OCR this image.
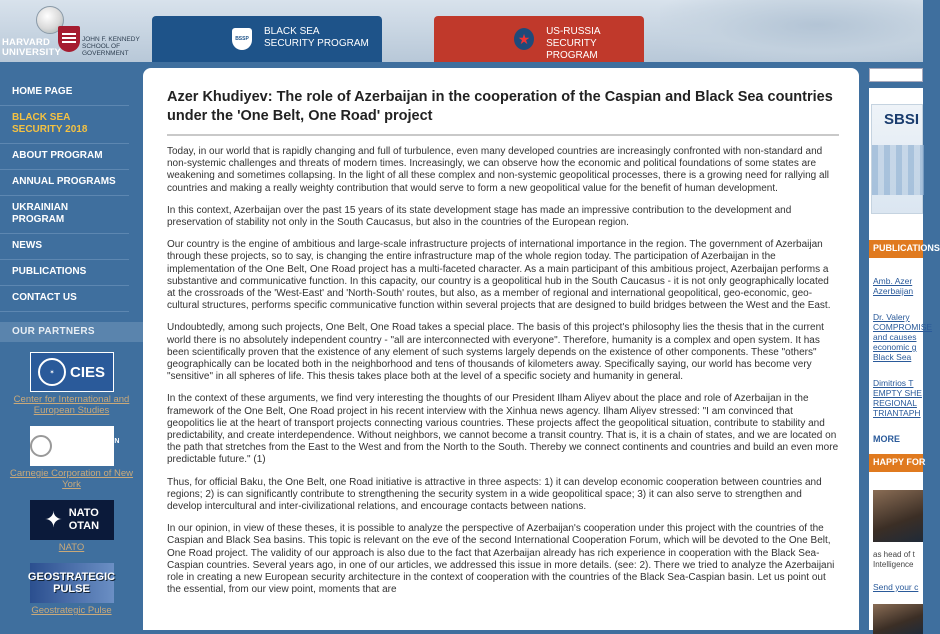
HARVARD
UNIVERSITY
JOHN F. KENNEDY
SCHOOL OF
GOVERNMENT
BSSP
BLACK SEA
SECURITY PROGRAM	★ US-RUSSIA SECURITY
PROGRAM
HOME PAGE
BLACK SEA SECURITY 2018
ABOUT PROGRAM
ANNUAL PROGRAMS
UKRAINIAN PROGRAM
NEWS
PUBLICATIONS
CONTACT US
OUR PARTNERS
✶	CIES
Center for International and European Studies
CARNEGIE CORPORATION of NEW YORK
Carnegie Corporation of New York
✦ NATO OTAN
NATO
GEOSTRATEGIC PULSE
Geostrategic Pulse
Azer Khudiyev: The role of Azerbaijan in the cooperation of the Caspian and Black Sea countries under the 'One Belt, One Road' project

Today, in our world that is rapidly changing and full of turbulence, even many developed countries are increasingly confronted with non-standard and non-systemic challenges and threats of modern times. Increasingly, we can observe how the economic and political foundations of some states are weakening and sometimes collapsing. In the light of all these complex and non-systemic geopolitical processes, there is a growing need for rallying all countries and making a really weighty contribution that would serve to form a new geopolitical value for the benefit of human development.

In this context, Azerbaijan over the past 15 years of its state development stage has made an impressive contribution to the development and preservation of stability not only in the South Caucasus, but also in the countries of the European region.

Our country is the engine of ambitious and large-scale infrastructure projects of international importance in the region. The government of Azerbaijan through these projects, so to say, is changing the entire infrastructure map of the whole region today. The participation of Azerbaijan in the implementation of the One Belt, One Road project has a multi-faceted character. As a main participant of this ambitious project, Azerbaijan performs a substantive and communicative function. In this capacity, our country is a geopolitical hub in the South Caucasus - it is not only geographically located at the crossroads of the 'West-East' and 'North-South' routes, but also, as a member of regional and international geopolitical, geo-economic, geo-cultural structures, performs specific communicative function within several projects that are designed to build bridges between the West and the East.

Undoubtedly, among such projects, One Belt, One Road takes a special place. The basis of this project's philosophy lies the thesis that in the current world there is no absolutely independent country - "all are interconnected with everyone". Therefore, humanity is a complex and open system. It has been scientifically proven that the existence of any element of such systems largely depends on the existence of other components. These "others" geographically can be located both in the neighborhood and tens of thousands of kilometers away. Specifically saying, our world has become very "sensitive" in all spheres of life. This thesis takes place both at the level of a specific society and humanity in general.

In the context of these arguments, we find very interesting the thoughts of our President Ilham Aliyev about the place and role of Azerbaijan in the framework of the One Belt, One Road project in his recent interview with the Xinhua news agency. Ilham Aliyev stressed: "I am convinced that geopolitics lie at the heart of transport projects connecting various countries. These projects affect the geopolitical situation, contribute to stability and predictability, and create interdependence. Without neighbors, we cannot become a transit country. That is, it is a chain of states, and we are located on the path that stretches from the East to the West and from the North to the South. Thereby we connect continents and countries and build an even more predictable future." (1)

Thus, for official Baku, the One Belt, one Road initiative is attractive in three aspects: 1) it can develop economic cooperation between countries and regions; 2) is can significantly contribute to strengthening the security system in a wide geopolitical space; 3) it can also serve to strengthen and develop intercultural and inter-civilizational relations, and encourage contacts between nations.

In our opinion, in view of these theses, it is possible to analyze the perspective of Azerbaijan's cooperation under this project with the countries of the Caspian and Black Sea basins. This topic is relevant on the eve of the second International Cooperation Forum, which will be devoted to the One Belt, One Road project. The validity of our approach is also due to the fact that Azerbaijan already has rich experience in cooperation with the Black Sea-Caspian countries. Several years ago, in one of our articles, we addressed this issue in more details. (see: 2). There we tried to analyze the Azerbaijani role in creating a new European security architecture in the context of cooperation with the countries of the Black Sea-Caspian basin. Let us point out the essential, from our view point, moments that are

SBSI
PUBLICATIONS
Amb. Azer
Azerbaijan
Dr. Valery
COMPROMISE
and causes
economic g
Black Sea
Dimitrios T
EMPTY SHE
REGIONAL
TRIANTAPH
MORE
HAPPY FOR
as head of t
Intelligence
Send your c
